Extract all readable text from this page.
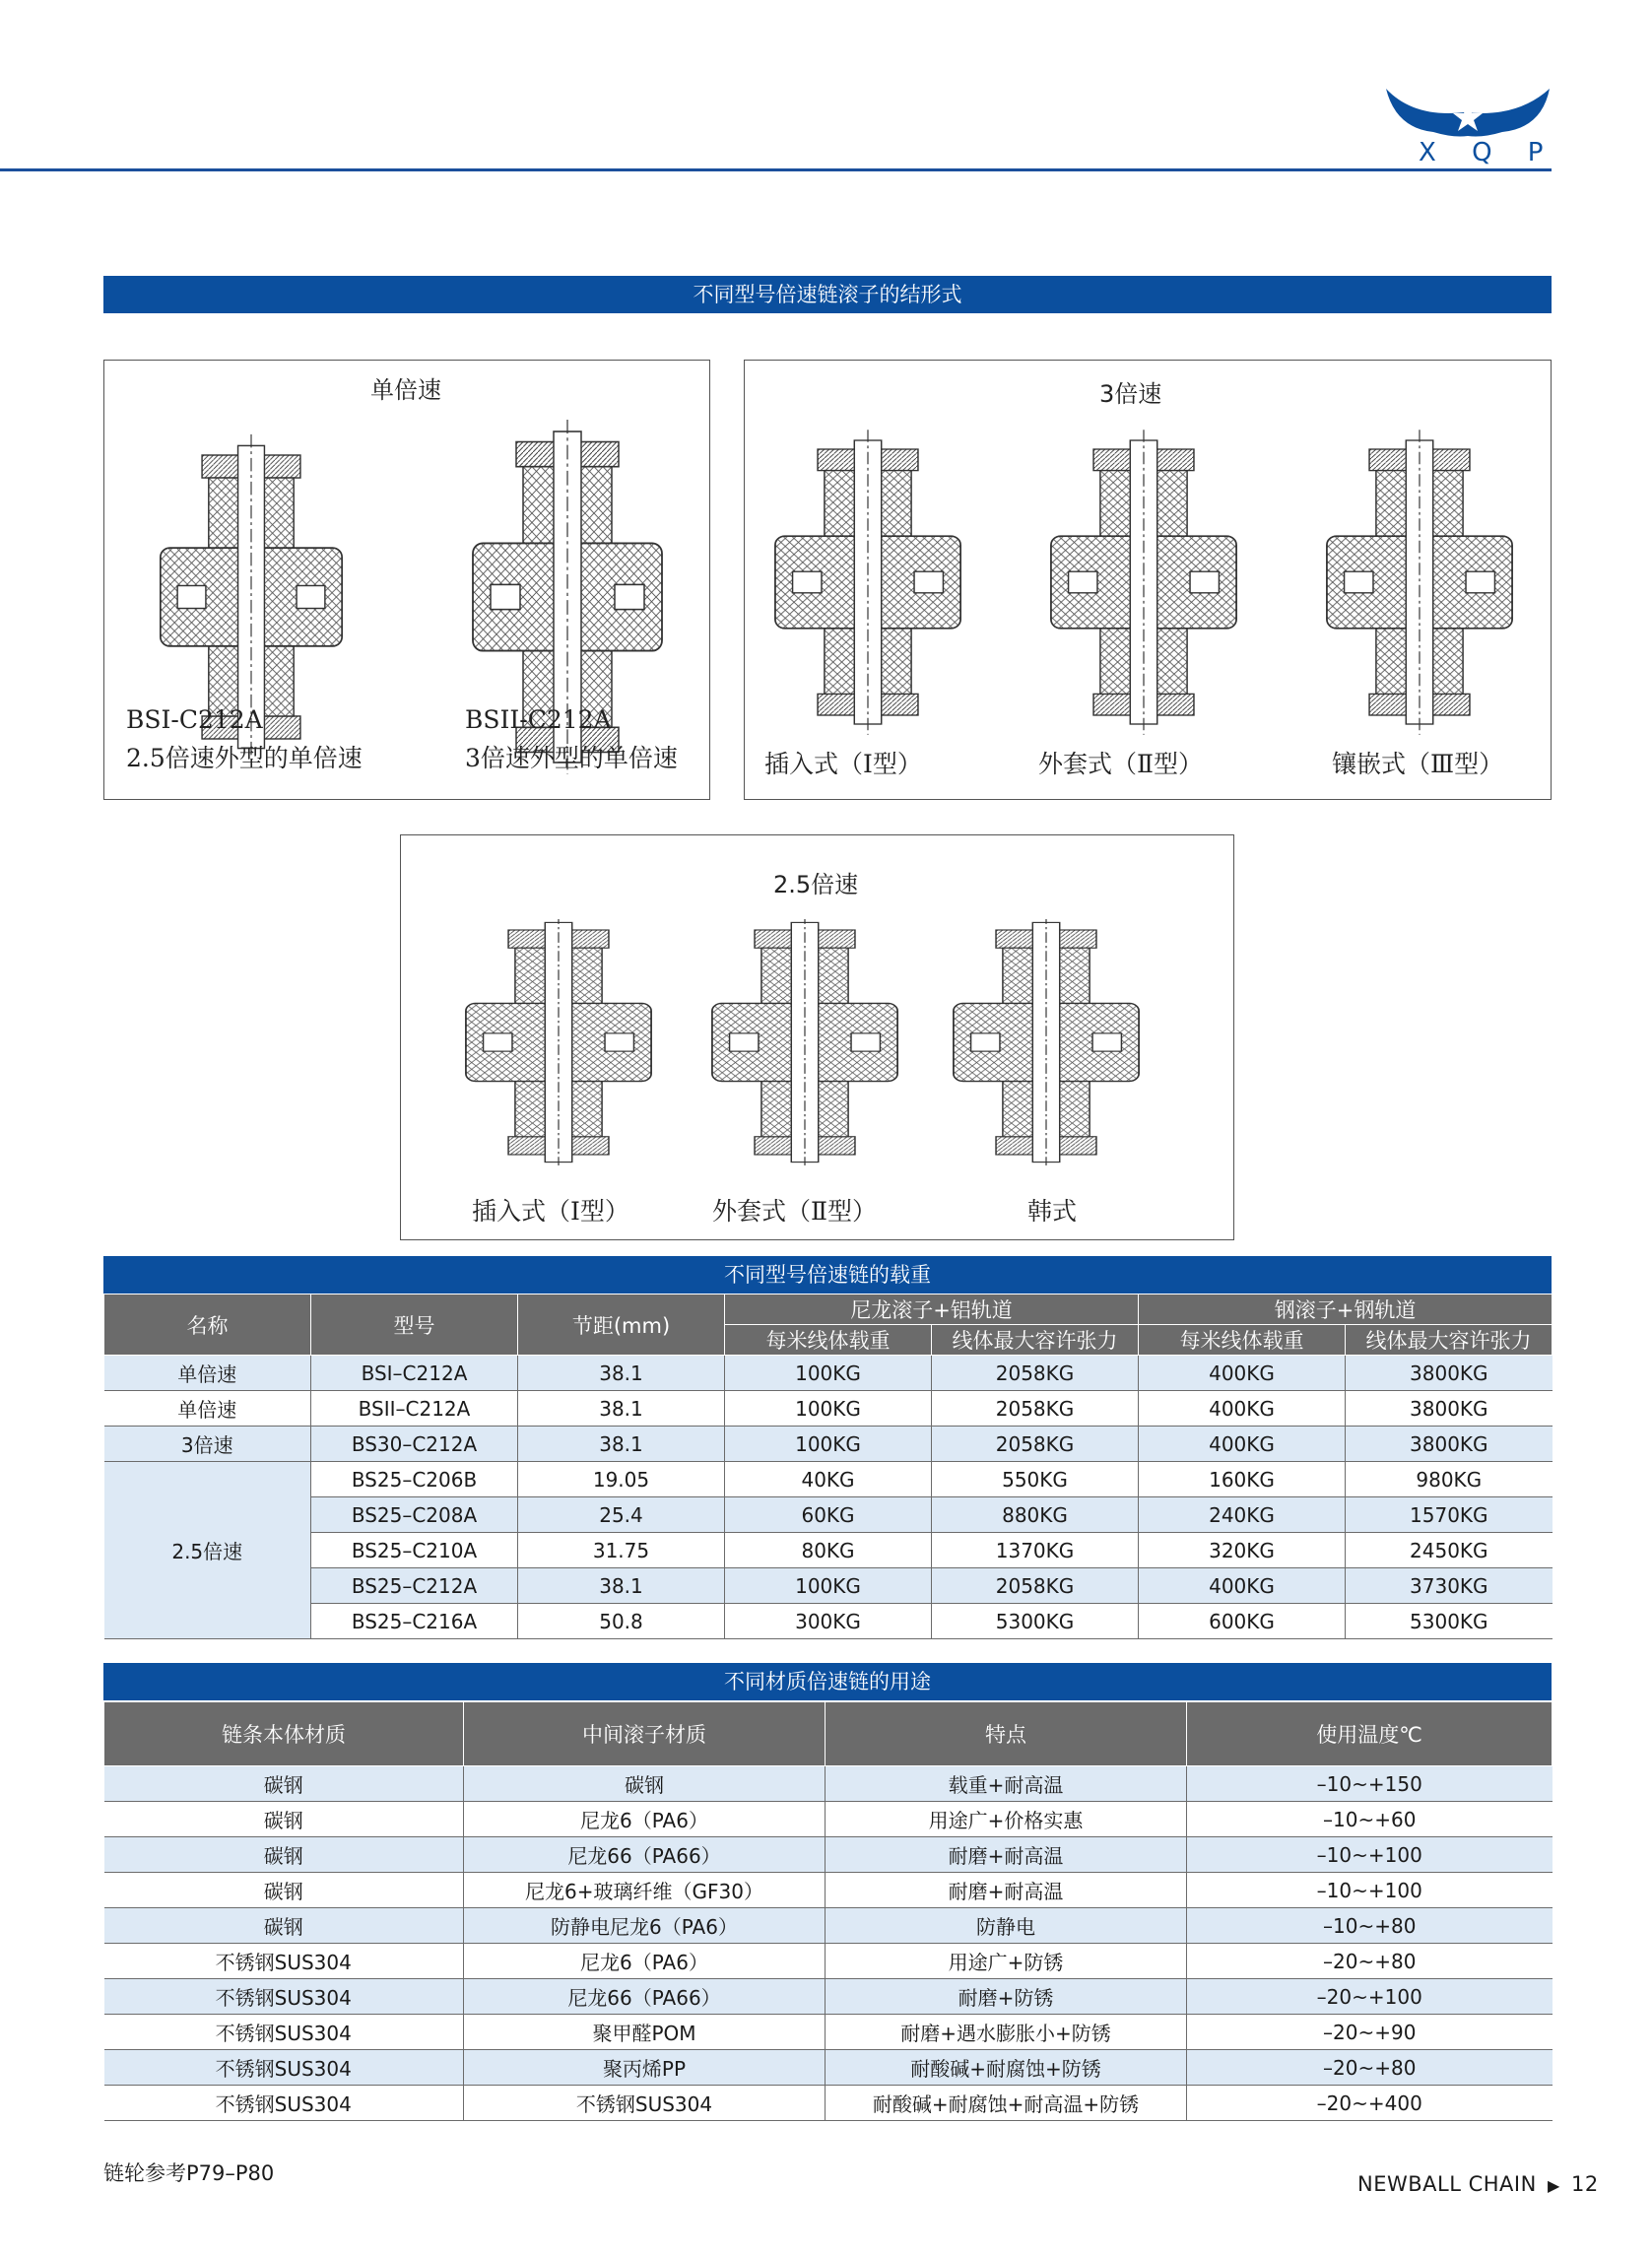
X Q P
不同型号倍速链滚子的结形式
单倍速
BSI-C212A
2.5倍速外型的单倍速
BSII-C212A
3倍速外型的单倍速
3倍速
插入式（Ⅰ型）	外套式（Ⅱ型）	镶嵌式（Ⅲ型）
2.5倍速
插入式（Ⅰ型）	外套式（Ⅱ型）	韩式
不同型号倍速链的载重
名称	型号	节距(mm)	尼龙滚子+铝轨道		钢滚子+钢轨道	
			每米线体载重	线体最大容许张力	每米线体载重	线体最大容许张力
单倍速	BSI–C212A	38.1	100KG	2058KG	400KG	3800KG
单倍速	BSII–C212A	38.1	100KG	2058KG	400KG	3800KG
3倍速	BS30–C212A	38.1	100KG	2058KG	400KG	3800KG
2.5倍速	BS25–C206B	19.05	40KG	550KG	160KG	980KG
	BS25–C208A	25.4	60KG	880KG	240KG	1570KG
	BS25–C210A	31.75	80KG	1370KG	320KG	2450KG
	BS25–C212A	38.1	100KG	2058KG	400KG	3730KG
	BS25–C216A	50.8	300KG	5300KG	600KG	5300KG
不同材质倍速链的用途
链条本体材质	中间滚子材质	特点	使用温度℃
碳钢	碳钢	载重+耐高温	–10~+150
碳钢	尼龙6（PA6）	用途广+价格实惠	–10~+60
碳钢	尼龙66（PA66）	耐磨+耐高温	–10~+100
碳钢	尼龙6+玻璃纤维（GF30）	耐磨+耐高温	–10~+100
碳钢	防静电尼龙6（PA6）	防静电	–10~+80
不锈钢SUS304	尼龙6（PA6）	用途广+防锈	–20~+80
不锈钢SUS304	尼龙66（PA66）	耐磨+防锈	–20~+100
不锈钢SUS304	聚甲醛POM	耐磨+遇水膨胀小+防锈	–20~+90
不锈钢SUS304	聚丙烯PP	耐酸碱+耐腐蚀+防锈	–20~+80
不锈钢SUS304	不锈钢SUS304	耐酸碱+耐腐蚀+耐高温+防锈	–20~+400
链轮参考P79–P80	NEWBALL CHAIN ▶ 12
